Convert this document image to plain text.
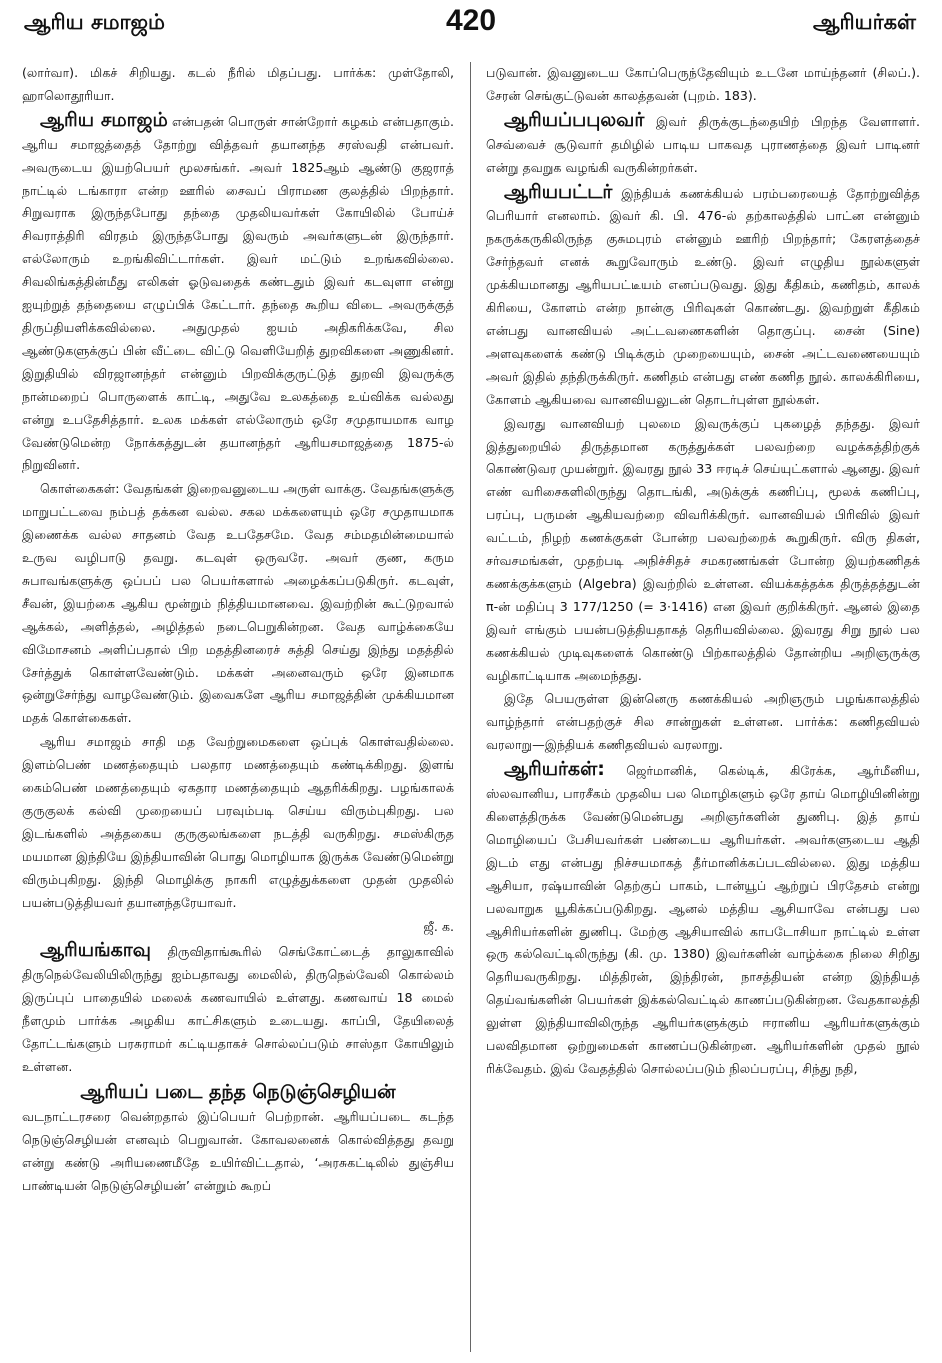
ஆரிய சமாஜம்	420	ஆரியர்கள்

(லார்வா). மிகச் சிறியது. கடல் நீரில் மிதப்பது. பார்க்க: முள்தோலி, ஹாலொதூரியா.

ஆரிய சமாஜம் என்பதன் பொருள் சான்றோர் கழகம் என்பதாகும். ஆரிய சமாஜத்தைத் தோற்று வித்தவர் தயானந்த சரஸ்வதி என்பவர். அவருடைய இயற்பெயர் மூலசங்கர். அவர் 1825ஆம் ஆண்டு குஜராத் நாட்டில் டங்காரா என்ற ஊரில் சைவப் பிராமண குலத்தில் பிறந்தார். சிறுவராக இருந்தபோது தந்தை முதலியவர்கள் கோயிலில் போய்ச் சிவராத்திரி விரதம் இருந்தபோது இவரும் அவர்களுடன் இருந்தார். எல்லோரும் உறங்கிவிட்டார்கள். இவர் மட்டும் உறங்கவில்லை. சிவலிங்கத்தின்மீது எலிகள் ஓடுவதைக் கண்டதும் இவர் கடவுளா என்று ஐயுற்றுத் தந்தையை எழுப்பிக் கேட்டார். தந்தை கூறிய விடை அவருக்குத் திருப்தியளிக்கவில்லை. அதுமுதல் ஐயம் அதிகரிக்கவே, சில ஆண்டுகளுக்குப் பின் வீட்டை விட்டு வெளியேறித் துறவிகளை அணுகினர். இறுதியில் விரஜானந்தர் என்னும் பிறவிக்குருட்டுத் துறவி இவருக்கு நான்மறைப் பொருளைக் காட்டி, அதுவே உலகத்தை உய்விக்க வல்லது என்று உபதேசித்தார். உலக மக்கள் எல்லோரும் ஒரே சமுதாயமாக வாழ வேண்டுமென்ற நோக்கத்துடன் தயானந்தர் ஆரியசமாஜத்தை 1875-ல் நிறுவினர்.

கொள்கைகள்: வேதங்கள் இறைவனுடைய அருள் வாக்கு. வேதங்களுக்கு மாறுபட்டவை நம்பத் தக்கன வல்ல. சகல மக்களையும் ஒரே சமுதாயமாக இணைக்க வல்ல சாதனம் வேத உபதேசமே. வேத சம்மதமின்மையால் உருவ வழிபாடு தவறு. கடவுள் ஒருவரே. அவர் குண, கரும சுபாவங்களுக்கு ஒப்பப் பல பெயர்களால் அழைக்கப்படுகிருர். கடவுள், சீவன், இயற்கை ஆகிய மூன்றும் நித்தியமானவை. இவற்றின் கூட்டுறவால் ஆக்கல், அளித்தல், அழித்தல் நடைபெறுகின்றன. வேத வாழ்க்கையே விமோசனம் அளிப்பதால் பிற மதத்தினரைச் சுத்தி செய்து இந்து மதத்தில் சேர்த்துக் கொள்ளவேண்டும். மக்கள் அனைவரும் ஒரே இனமாக ஒன்றுசேர்ந்து வாழவேண்டும். இவைகளே ஆரிய சமாஜத்தின் முக்கியமான மதக் கொள்கைகள்.

ஆரிய சமாஜம் சாதி மத வேற்றுமைகளை ஒப்புக் கொள்வதில்லை. இளம்பெண் மணத்தையும் பலதார மணத்தையும் கண்டிக்கிறது. இளங் கைம்பெண் மணத்தையும் ஏகதார மணத்தையும் ஆதரிக்கிறது. பழங்காலக் குருகுலக் கல்வி முறையைப் பரவும்படி செய்ய விரும்புகிறது. பல இடங்களில் அத்தகைய குருகுலங்களை நடத்தி வருகிறது. சமஸ்கிருத மயமான இந்தியே இந்தியாவின் பொது மொழியாக இருக்க வேண்டுமென்று விரும்புகிறது. இந்தி மொழிக்கு நாகரி எழுத்துக்களை முதன் முதலில் பயன்படுத்தியவர் தயானந்தரேயாவர்.

ஜீ. க.

ஆரியங்காவு திருவிதாங்கூரில் செங்கோட்டைத் தாலுகாவில் திருநெல்வேலியிலிருந்து ஐம்பதாவது மைலில், திருநெல்வேலி கொல்லம் இருப்புப் பாதையில் மலைக் கணவாயில் உள்ளது. கணவாய் 18 மைல் நீளமும் பார்க்க அழகிய காட்சிகளும் உடையது. காப்பி, தேயிலைத் தோட்டங்களும் பரசுராமர் கட்டியதாகச் சொல்லப்படும் சாஸ்தா கோயிலும் உள்ளன.

ஆரியப் படை தந்த நெடுஞ்செழியன்

வடநாட்டரசரை வென்றதால் இப்பெயர் பெற்றான். ஆரியப்படை கடந்த நெடுஞ்செழியன் எனவும் பெறுவான். கோவலனைக் கொல்வித்தது தவறு என்று கண்டு அரியணைமீதே உயிர்விட்டதால், ‘அரசுகட்டிலில் துஞ்சிய பாண்டியன் நெடுஞ்செழியன்’ என்றும் கூறப்

படுவான். இவனுடைய கோப்பெருந்தேவியும் உடனே மாய்ந்தனர் (சிலப்.). சேரன் செங்குட்டுவன் காலத்தவன் (புறம். 183).

ஆரியப்பபுலவர் இவர் திருக்குடந்தையிற் பிறந்த வேளாளர். செவ்வைச் சூடுவார் தமிழில் பாடிய பாகவத புராணத்தை இவர் பாடினர் என்று தவறுக வழங்கி வருகின்றர்கள்.

ஆரியபட்டர் இந்தியக் கணக்கியல் பரம்பரையைத் தோற்றுவித்த பெரியார் எனலாம். இவர் கி. பி. 476-ல் தற்காலத்தில் பாட்ன என்னும் நகருக்கருகிலிருந்த குசுமபுரம் என்னும் ஊரிற் பிறந்தார்; கேரளத்தைச் சேர்ந்தவர் எனக் கூறுவோரும் உண்டு. இவர் எழுதிய நூல்களுள் முக்கியமானது ஆரியபட்டீயம் எனப்படுவது. இது கீதிகம், கணிதம், காலக் கிரியை, கோளம் என்ற நான்கு பிரிவுகள் கொண்டது. இவற்றுள் கீதிகம் என்பது வானவியல் அட்டவணைகளின் தொகுப்பு. சைன் (Sine) அளவுகளைக் கண்டு பிடிக்கும் முறையையும், சைன் அட்டவணையையும் அவர் இதில் தந்திருக்கிருர். கணிதம் என்பது எண் கணித நூல். காலக்கிரியை, கோளம் ஆகியவை வானவியலுடன் தொடர்புள்ள நூல்கள்.

இவரது வானவியற் புலமை இவருக்குப் புகழைத் தந்தது. இவர் இத்துறையில் திருத்தமான கருத்துக்கள் பலவற்றை வழக்கத்திற்குக் கொண்டுவர முயன்றுர். இவரது நூல் 33 ஈரடிச் செய்யுட்களால் ஆனது. இவர் எண் வரிசைகளிலிருந்து தொடங்கி, அடுக்குக் கணிப்பு, மூலக் கணிப்பு, பரப்பு, பருமன் ஆகியவற்றை விவரிக்கிருர். வானவியல் பிரிவில் இவர் வட்டம், நிழற் கணக்குகள் போன்ற பலவற்றைக் கூறுகிருர். விரு திகள், சர்வசமங்கள், முதற்படி அநிச்சிதச் சமகரணங்கள் போன்ற இயற்கணிதக் கணக்குக்களும் (Algebra) இவற்றில் உள்ளன. வியக்கத்தக்க திருத்தத்துடன் π-ன் மதிப்பு 3 177/1250 (= 3·1416) என இவர் குறிக்கிருர். ஆனல் இதை இவர் எங்கும் பயன்படுத்தியதாகத் தெரியவில்லை. இவரது சிறு நூல் பல கணக்கியல் முடிவுகளைக் கொண்டு பிற்காலத்தில் தோன்றிய அறிஞருக்கு வழிகாட்டியாக அமைந்தது.

இதே பெயருள்ள இன்னெரு கணக்கியல் அறிஞரும் பழங்காலத்தில் வாழ்ந்தார் என்பதற்குச் சில சான்றுகள் உள்ளன. பார்க்க: கணிதவியல் வரலாறு—இந்தியக் கணிதவியல் வரலாறு.

ஆரியர்கள்: ஜெர்மானிக், கெல்டிக், கிரேக்க, ஆர்மீனிய, ஸ்லவானிய, பாரசீகம் முதலிய பல மொழிகளும் ஒரே தாய் மொழியினின்று கிளைத்திருக்க வேண்டுமென்பது அறிஞர்களின் துணிபு. இத் தாய் மொழியைப் பேசியவர்கள் பண்டைய ஆரியர்கள். அவர்களுடைய ஆதி இடம் எது என்பது நிச்சயமாகத் தீர்மானிக்கப்படவில்லை. இது மத்திய ஆசியா, ரஷ்யாவின் தெற்குப் பாகம், டான்யூப் ஆற்றுப் பிரதேசம் என்று பலவாறுக யூகிக்கப்படுகிறது. ஆனல் மத்திய ஆசியாவே என்பது பல ஆசிரியர்களின் துணிபு. மேற்கு ஆசியாவில் காபடோசியா நாட்டில் உள்ள ஒரு கல்வெட்டிலிருந்து (கி. மு. 1380) இவர்களின் வாழ்க்கை நிலை சிறிது தெரியவருகிறது. மித்திரன், இந்திரன், நாசத்தியன் என்ற இந்தியத் தெய்வங்களின் பெயர்கள் இக்கல்வெட்டில் காணப்படுகின்றன. வேதகாலத்தி லுள்ள இந்தியாவிலிருந்த ஆரியர்களுக்கும் ஈரானிய ஆரியர்களுக்கும் பலவிதமான ஒற்றுமைகள் காணப்படுகின்றன. ஆரியர்களின் முதல் நூல் ரிக்வேதம். இவ் வேதத்தில் சொல்லப்படும் நிலப்பரப்பு, சிந்து நதி,
